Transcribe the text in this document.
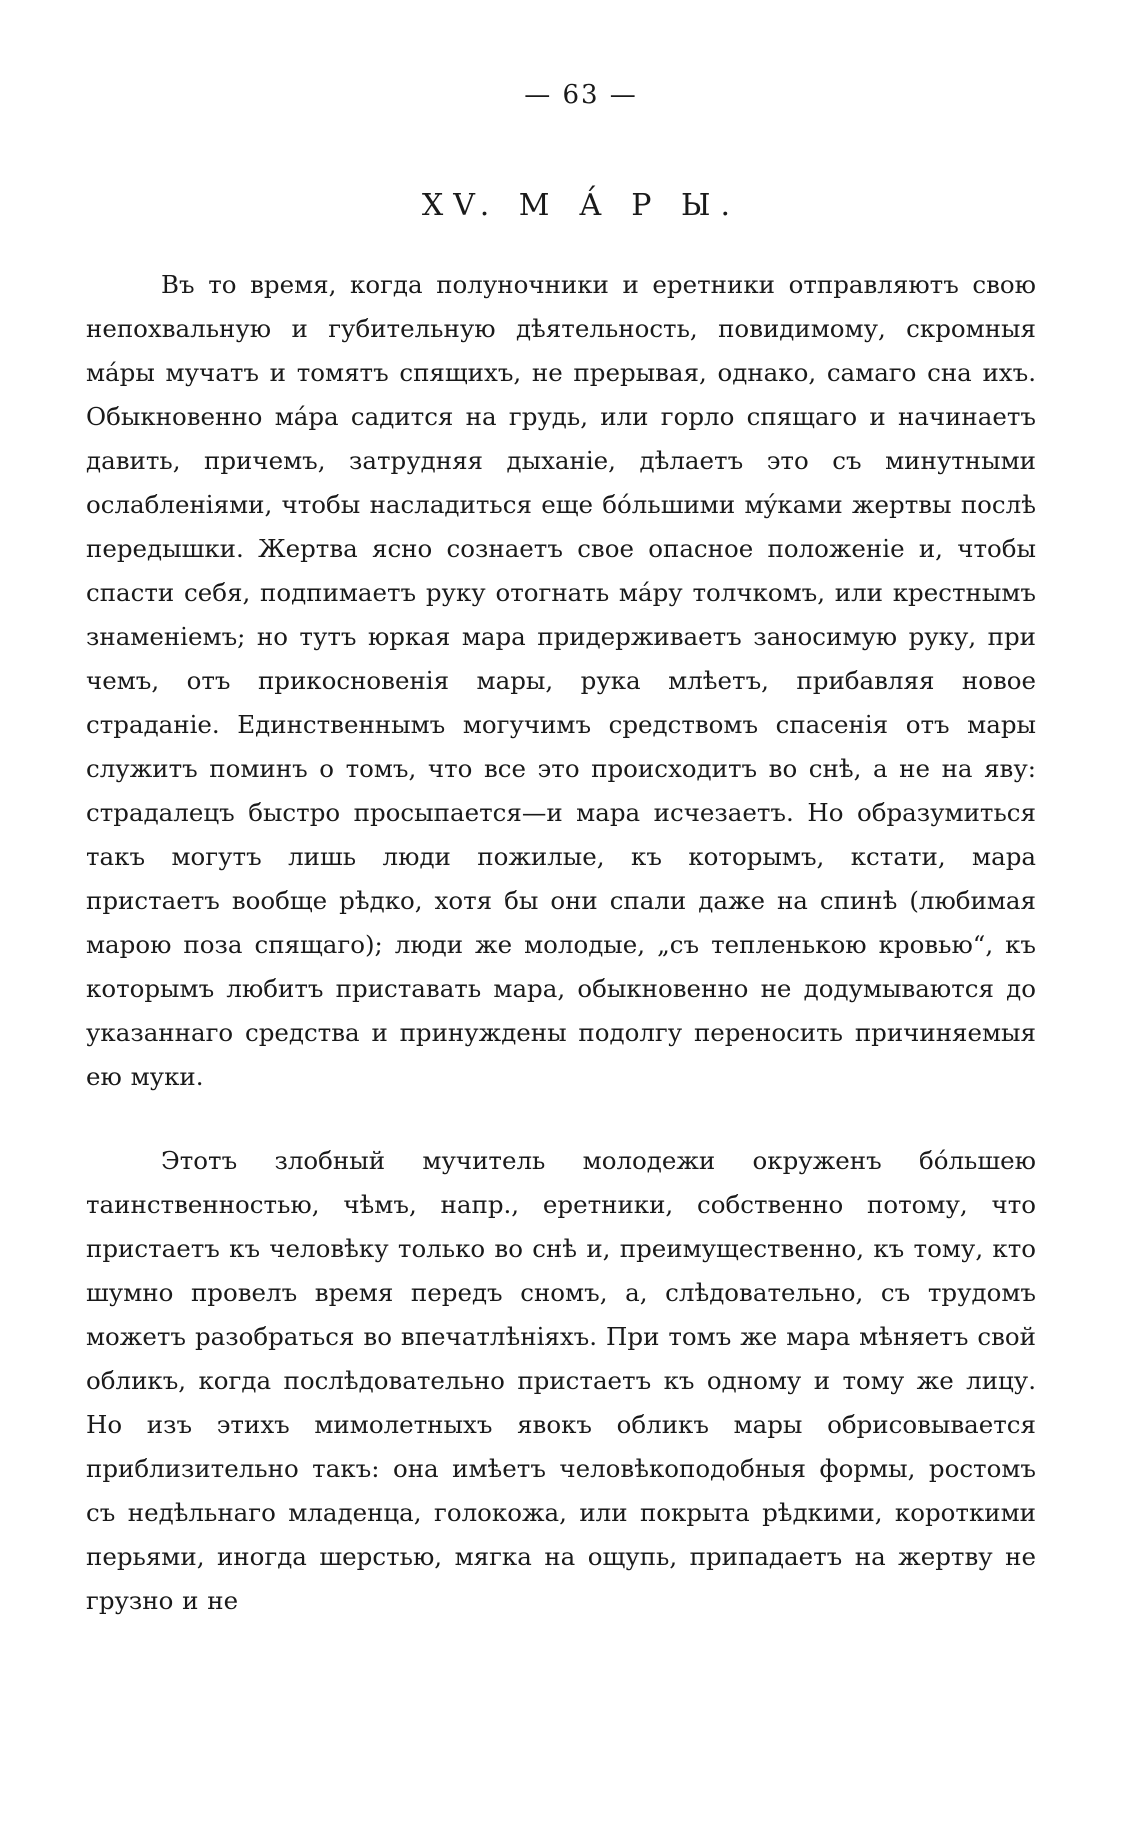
— 63 —
XV. М А́ Р Ы.

Въ то время, когда полуночники и еретники отправляютъ свою непохвальную и губительную дѣятельность, повидимому, скромныя мáры мучатъ и томятъ спящихъ, не прерывая, однако, самаго сна ихъ. Обыкновенно мáра садится на грудь, или горло спящаго и начинаетъ давить, причемъ, затрудняя дыханіе, дѣлаетъ это съ минутными ослабленіями, чтобы насладиться еще бóльшими мýками жертвы послѣ передышки. Жертва ясно сознаетъ свое опасное положеніе и, чтобы спасти себя, подпимаетъ руку отогнать мáру толчкомъ, или крестнымъ знаменіемъ; но тутъ юркая мара придерживаетъ заносимую руку, при чемъ, отъ прикосновенія мары, рука млѣетъ, прибавляя новое страданіе. Единственнымъ могучимъ средствомъ спасенія отъ мары служитъ поминъ о томъ, что все это происходитъ во снѣ, а не на яву: страдалецъ быстро просыпается—и мара исчезаетъ. Но образумиться такъ могутъ лишь люди пожилые, къ которымъ, кстати, мара пристаетъ вообще рѣдко, хотя бы они спали даже на спинѣ (любимая марою поза спящаго); люди же молодые, „съ тепленькою кровью“, къ которымъ любитъ приставать мара, обыкновенно не додумываются до указаннаго средства и принуждены подолгу переносить причиняемыя ею муки.

Этотъ злобный мучитель молодежи окруженъ бóльшею таинственностью, чѣмъ, напр., еретники, собственно потому, что пристаетъ къ человѣку только во снѣ и, преимущественно, къ тому, кто шумно провелъ время передъ сномъ, а, слѣдовательно, съ трудомъ можетъ разобраться во впечатлѣніяхъ. При томъ же мара мѣняетъ свой обликъ, когда послѣдовательно пристаетъ къ одному и тому же лицу. Но изъ этихъ мимолетныхъ явокъ обликъ мары обрисовывается приблизительно такъ: она имѣетъ человѣкоподобныя формы, ростомъ съ недѣльнаго младенца, голокожа, или покрыта рѣдкими, короткими перьями, иногда шерстью, мягка на ощупь, припадаетъ на жертву не грузно и не
